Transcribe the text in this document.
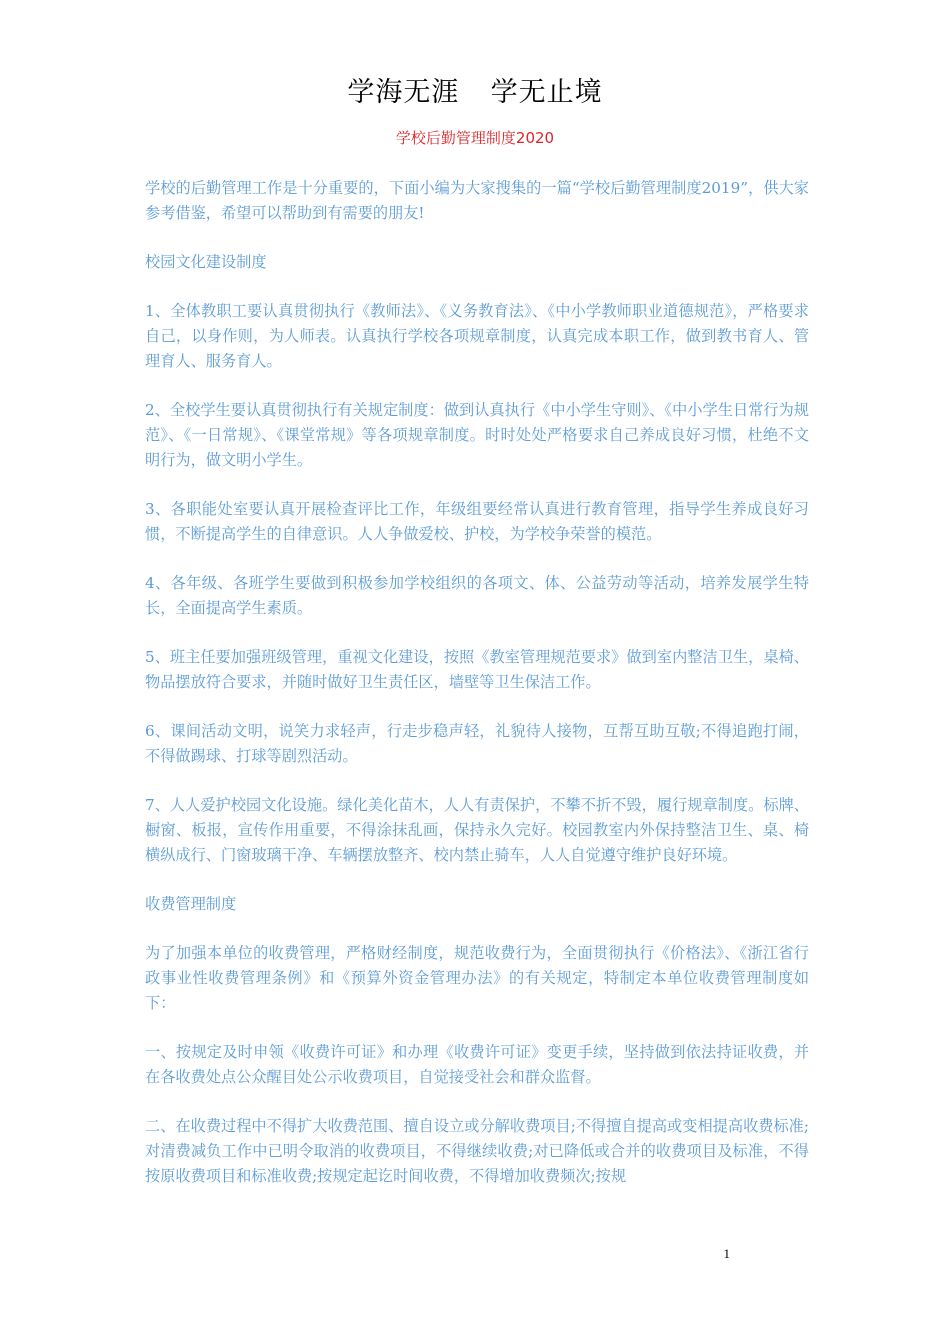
学海无涯  学无止境
学校后勤管理制度2020

学校的后勤管理工作是十分重要的，下面小编为大家搜集的一篇“学校后勤管理制度2019”，供大家参考借鉴，希望可以帮助到有需要的朋友!

校园文化建设制度

1、全体教职工要认真贯彻执行《教师法》、《义务教育法》、《中小学教师职业道德规范》，严格要求自己，以身作则，为人师表。认真执行学校各项规章制度，认真完成本职工作，做到教书育人、管理育人、服务育人。

2、全校学生要认真贯彻执行有关规定制度：做到认真执行《中小学生守则》、《中小学生日常行为规范》、《一日常规》、《课堂常规》等各项规章制度。时时处处严格要求自己养成良好习惯，杜绝不文明行为，做文明小学生。

3、各职能处室要认真开展检查评比工作，年级组要经常认真进行教育管理，指导学生养成良好习惯，不断提高学生的自律意识。人人争做爱校、护校，为学校争荣誉的模范。

4、各年级、各班学生要做到积极参加学校组织的各项文、体、公益劳动等活动，培养发展学生特长，全面提高学生素质。

5、班主任要加强班级管理，重视文化建设，按照《教室管理规范要求》做到室内整洁卫生，桌椅、物品摆放符合要求，并随时做好卫生责任区，墙壁等卫生保洁工作。

6、课间活动文明，说笑力求轻声，行走步稳声轻，礼貌待人接物，互帮互助互敬;不得追跑打闹，不得做踢球、打球等剧烈活动。

7、人人爱护校园文化设施。绿化美化苗木，人人有责保护，不攀不折不毁，履行规章制度。标牌、橱窗、板报，宣传作用重要，不得涂抹乱画，保持永久完好。校园教室内外保持整洁卫生、桌、椅横纵成行、门窗玻璃干净、车辆摆放整齐、校内禁止骑车，人人自觉遵守维护良好环境。

收费管理制度

为了加强本单位的收费管理，严格财经制度，规范收费行为，全面贯彻执行《价格法》、《浙江省行政事业性收费管理条例》和《预算外资金管理办法》的有关规定，特制定本单位收费管理制度如下：

一、按规定及时申领《收费许可证》和办理《收费许可证》变更手续，坚持做到依法持证收费，并在各收费处点公众醒目处公示收费项目，自觉接受社会和群众监督。

二、在收费过程中不得扩大收费范围、擅自设立或分解收费项目;不得擅自提高或变相提高收费标准;对清费减负工作中已明令取消的收费项目，不得继续收费;对已降低或合并的收费项目及标准，不得按原收费项目和标准收费;按规定起讫时间收费，不得增加收费频次;按规

1
